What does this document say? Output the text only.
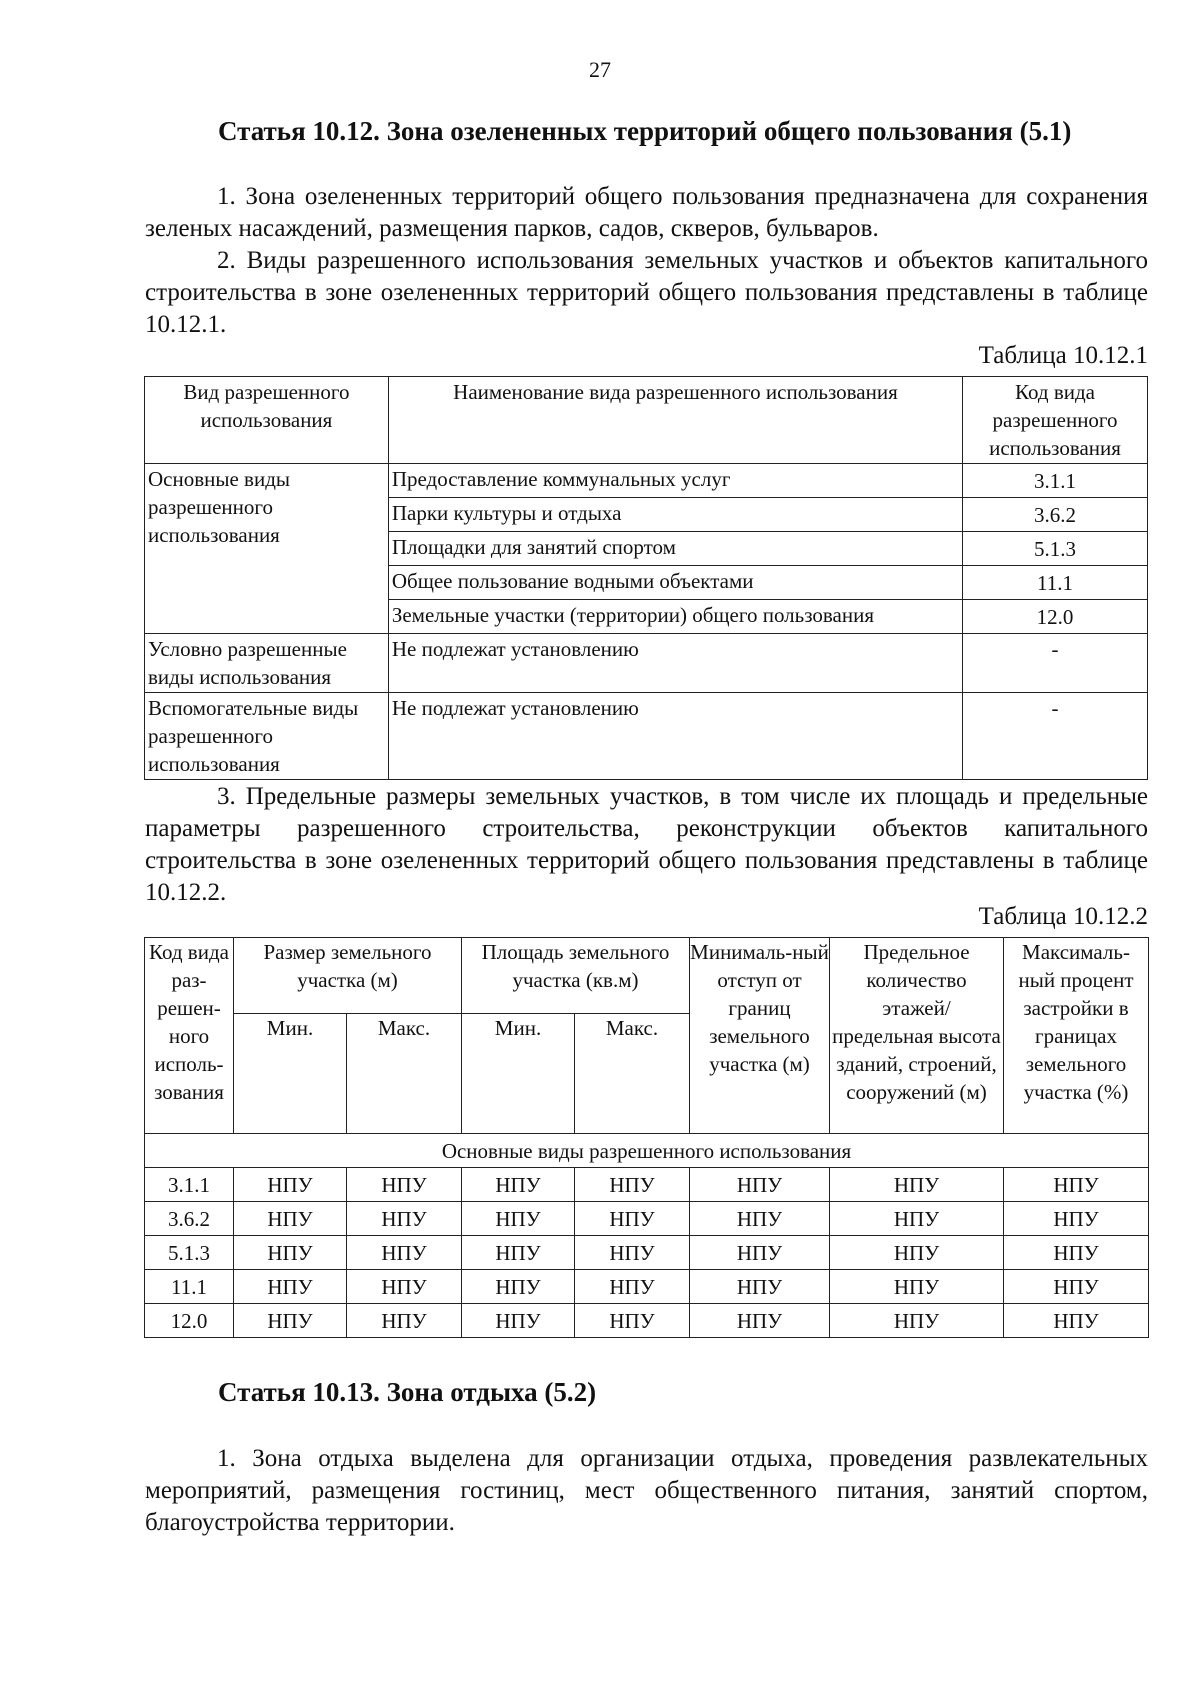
27
Статья 10.12. Зона озелененных территорий общего пользования (5.1)

1. Зона озелененных территорий общего пользования предназначена для сохранения зеленых насаждений, размещения парков, садов, скверов, бульваров.

2. Виды разрешенного использования земельных участков и объектов капитального строительства в зоне озелененных территорий общего пользования представлены в таблице 10.12.1.

Таблица 10.12.1
Вид разрешенного использования	Наименование вида разрешенного использования	Код вида разрешенного использования
Основные виды разрешенного использования	Предоставление коммунальных услуг	3.1.1
	Парки культуры и отдыха	3.6.2
	Площадки для занятий спортом	5.1.3
	Общее пользование водными объектами	11.1
	Земельные участки (территории) общего пользования	12.0
Условно разрешенные виды использования	Не подлежат установлению	-
Вспомогательные виды разрешенного использования	Не подлежат установлению	-

3. Предельные размеры земельных участков, в том числе их площадь и предельные параметры разрешенного строительства, реконструкции объектов капитального строительства в зоне озелененных территорий общего пользования представлены в таблице 10.12.2.

Таблица 10.12.2
Код вида раз-решен-ного исполь-зования	Размер земельного участка (м)		Площадь земельного участка (кв.м)		Минималь-ный отступ от границ земельного участка (м)	Предельное количество этажей/ предельная высота зданий, строений, сооружений (м)	Максималь-ный процент застройки в границах земельного участка (%)
	Мин.	Макс.	Мин.	Макс.			
Основные виды разрешенного использования							
3.1.1	НПУ	НПУ	НПУ	НПУ	НПУ	НПУ	НПУ
3.6.2	НПУ	НПУ	НПУ	НПУ	НПУ	НПУ	НПУ
5.1.3	НПУ	НПУ	НПУ	НПУ	НПУ	НПУ	НПУ
11.1	НПУ	НПУ	НПУ	НПУ	НПУ	НПУ	НПУ
12.0	НПУ	НПУ	НПУ	НПУ	НПУ	НПУ	НПУ
Статья 10.13. Зона отдыха (5.2)

1. Зона отдыха выделена для организации отдыха, проведения развлекательных мероприятий, размещения гостиниц, мест общественного питания, занятий спортом, благоустройства территории.
